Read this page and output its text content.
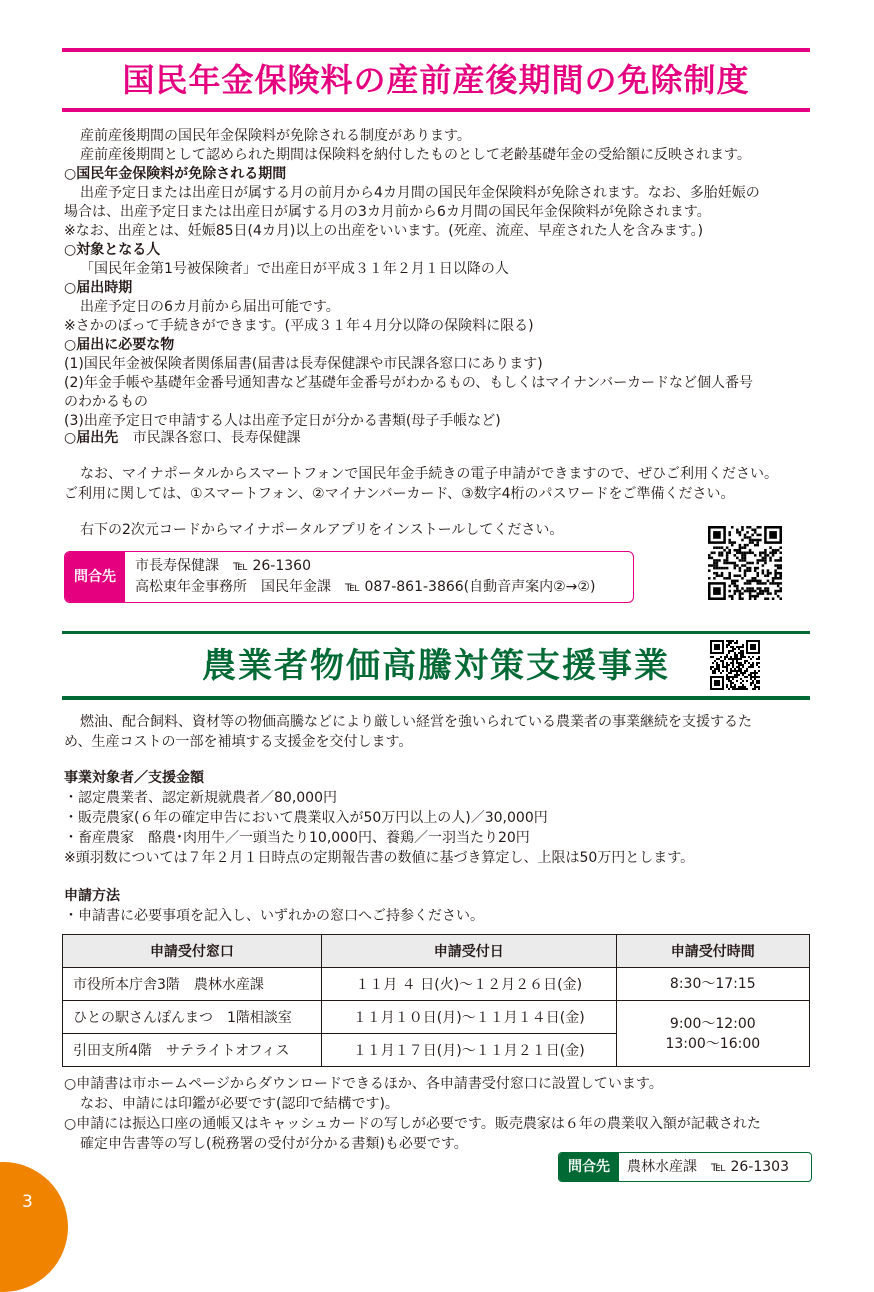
国民年金保険料の産前産後期間の免除制度
産前産後期間の国民年金保険料が免除される制度があります。
産前産後期間として認められた期間は保険料を納付したものとして老齢基礎年金の受給額に反映されます。
○国民年金保険料が免除される期間
出産予定日または出産日が属する月の前月から4カ月間の国民年金保険料が免除されます。なお、多胎妊娠の
場合は、出産予定日または出産日が属する月の3カ月前から6カ月間の国民年金保険料が免除されます。
※なお、出産とは、妊娠85日(4カ月)以上の出産をいいます。(死産、流産、早産された人を含みます。)
○対象となる人
「国民年金第1号被保険者」で出産日が平成３１年２月１日以降の人
○届出時期
出産予定日の6カ月前から届出可能です。
※さかのぼって手続きができます。(平成３１年４月分以降の保険料に限る)
○届出に必要な物
(1)国民年金被保険者関係届書(届書は長寿保健課や市民課各窓口にあります)
(2)年金手帳や基礎年金番号通知書など基礎年金番号がわかるもの、もしくはマイナンバーカードなど個人番号
のわかるもの
(3)出産予定日で申請する人は出産予定日が分かる書類(母子手帳など)
○届出先 市民課各窓口、長寿保健課
なお、マイナポータルからスマートフォンで国民年金手続きの電子申請ができますので、ぜひご利用ください。
ご利用に関しては、①スマートフォン、②マイナンバーカード、③数字4桁のパスワードをご準備ください。
右下の2次元コードからマイナポータルアプリをインストールしてください。
問合先
市長寿保健課　℡ 26-1360
高松東年金事務所　国民年金課　℡ 087-861-3866(自動音声案内②→②)
農業者物価高騰対策支援事業
燃油、配合飼料、資材等の物価高騰などにより厳しい経営を強いられている農業者の事業継続を支援するた
め、生産コストの一部を補填する支援金を交付します。
事業対象者／支援金額
・認定農業者、認定新規就農者／80,000円
・販売農家(６年の確定申告において農業収入が50万円以上の人)／30,000円
・畜産農家　酪農･肉用牛／一頭当たり10,000円、養鶏／一羽当たり20円
※頭羽数については７年２月１日時点の定期報告書の数値に基づき算定し、上限は50万円とします。
申請方法
・申請書に必要事項を記入し、いずれかの窓口へご持参ください。
申請受付窓口	申請受付日	申請受付時間
市役所本庁舎3階　農林水産課	１１月 ４ 日(火)～１２月２６日(金)	8:30～17:15
ひとの駅さんぽんまつ　1階相談室	１１月１０日(月)～１１月１４日(金)	9:00～12:00
13:00～16:00

引田支所4階　サテライトオフィス	１１月１７日(月)～１１月２１日(金)	
○申請書は市ホームページからダウンロードできるほか、各申請書受付窓口に設置しています。
なお、申請には印鑑が必要です(認印で結構です)。
○申請には振込口座の通帳又はキャッシュカードの写しが必要です。販売農家は６年の農業収入額が記載された
確定申告書等の写し(税務署の受付が分かる書類)も必要です。
問合先	農林水産課　℡ 26-1303
3
